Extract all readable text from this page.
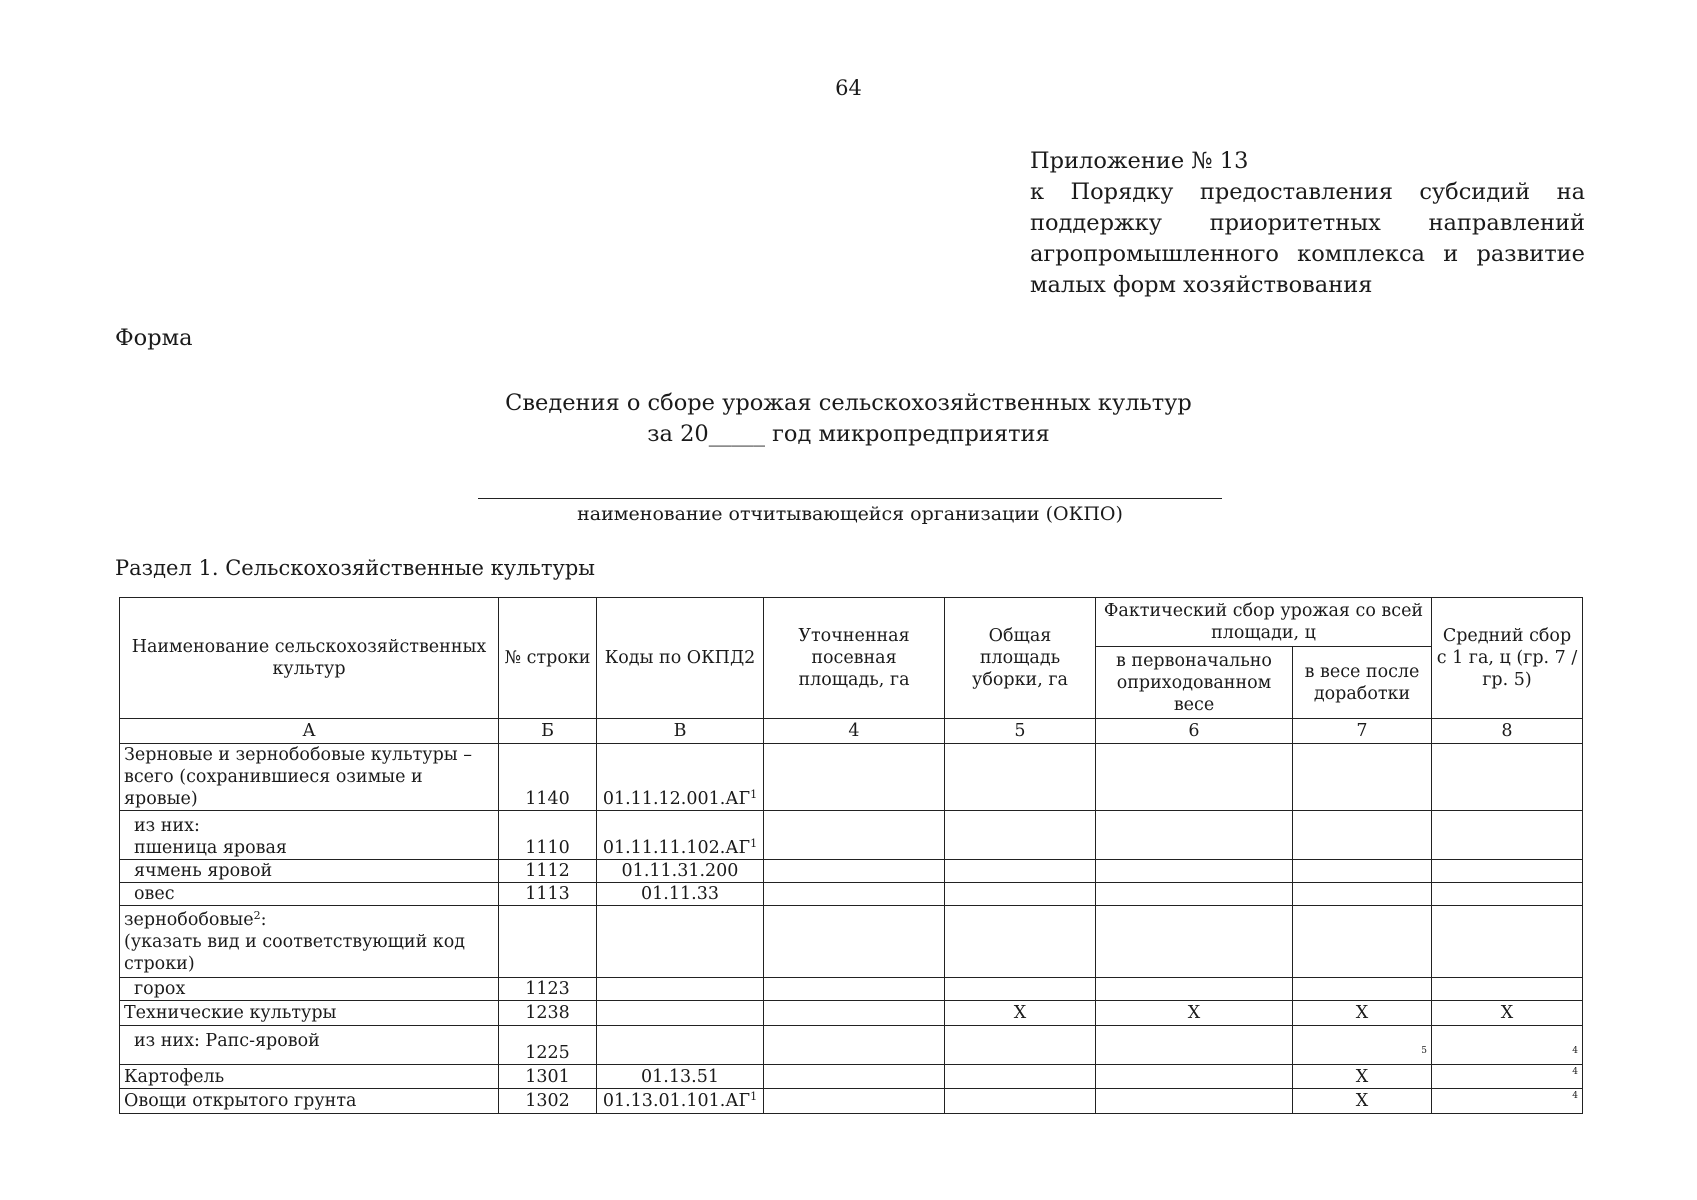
64
Приложение № 13
к Порядку предоставления субсидий на
поддержку приоритетных направлений
агропромышленного комплекса и развитие
малых форм хозяйствования
Форма
Сведения о сборе урожая сельскохозяйственных культур
за 20_____ год микропредприятия
наименование отчитывающейся организации (ОКПО)
Раздел 1. Сельскохозяйственные культуры
Наименование сельскохозяйственных культур	№ строки	Коды по ОКПД2	Уточненная посевная площадь, га	Общая площадь уборки, га	Фактический сбор урожая со всей площади, ц		Средний сбор с 1 га, ц (гр. 7 / гр. 5)
					в первоначально оприходованном весе	в весе после доработки	
А	Б	В	4	5	6	7	8

Зерновые и зернобобовые культуры –
всего (сохранившиеся озимые и яровые)	1140	$01.11.12.001.АГ^1$					

из них:
пшеница яровая	1110	$01.11.11.102.АГ^1$					
ячмень яровой	1112	01.11.31.200					
овес	1113	01.11.33					

зернобобовые$^2$:
(указать вид и соответствующий код
строки)							

горох	1123						
Технические культуры	1238			Х	Х	Х	Х
из них: Рапс-яровой	1225					5	4

Картофель	1301	01.13.51				Х	4

Овощи открытого грунта	1302	$01.13.01.101.АГ^1$				Х	4
